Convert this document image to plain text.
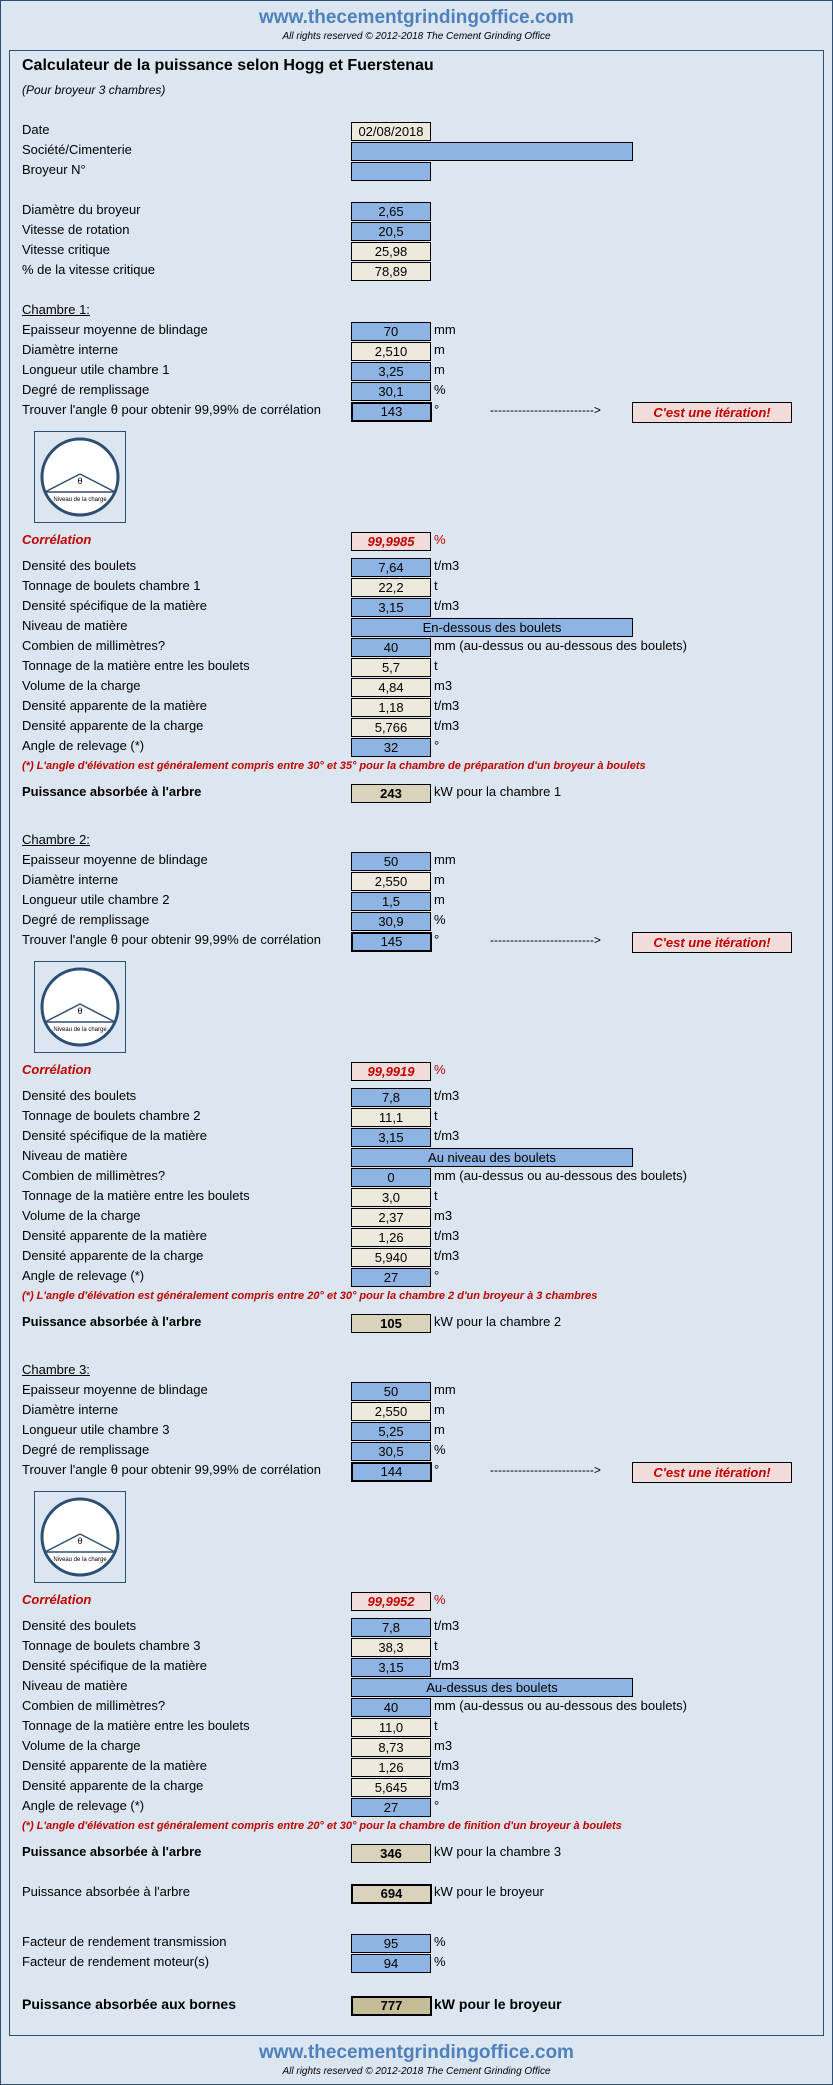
www.thecementgrindingoffice.com
All rights reserved © 2012-2018 The Cement Grinding Office
Calculateur de la puissance selon Hogg et Fuerstenau
(Pour broyeur 3 chambres)
Date	02/08/2018
Société/Cimenterie
Broyeur N°
Diamètre du broyeur	2,65
Vitesse de rotation	20,5
Vitesse critique	25,98
% de la vitesse critique	78,89
Chambre 1:
Epaisseur moyenne de blindage	70	mm
Diamètre interne	2,510	m
Longueur utile chambre 1	3,25	m
Degré de remplissage	30,1	%
Trouver l'angle θ pour obtenir 99,99% de corrélation	143	°	-------------------------->	C'est une itération!
θ
Niveau de la charge
Corrélation	99,9985	%
Densité des boulets	7,64	t/m3
Tonnage de boulets chambre 1	22,2	t
Densité spécifique de la matière	3,15	t/m3
Niveau de matière	En-dessous des boulets
Combien de millimètres?	40	mm (au-dessus ou au-dessous des boulets)
Tonnage de la matière entre les boulets	5,7	t
Volume de la charge	4,84	m3
Densité apparente de la matière	1,18	t/m3
Densité apparente de la charge	5,766	t/m3
Angle de relevage (*)	32	°
(*) L'angle d'élévation est généralement compris entre 30° et 35° pour la chambre de préparation d'un broyeur à boulets
Puissance absorbée à l'arbre	243	kW pour la chambre 1
Chambre 2:
Epaisseur moyenne de blindage	50	mm
Diamètre interne	2,550	m
Longueur utile chambre 2	1,5	m
Degré de remplissage	30,9	%
Trouver l'angle θ pour obtenir 99,99% de corrélation	145	°	-------------------------->	C'est une itération!
θ
Niveau de la charge
Corrélation	99,9919	%
Densité des boulets	7,8	t/m3
Tonnage de boulets chambre 2	11,1	t
Densité spécifique de la matière	3,15	t/m3
Niveau de matière	Au niveau des boulets
Combien de millimètres?	0	mm (au-dessus ou au-dessous des boulets)
Tonnage de la matière entre les boulets	3,0	t
Volume de la charge	2,37	m3
Densité apparente de la matière	1,26	t/m3
Densité apparente de la charge	5,940	t/m3
Angle de relevage (*)	27	°
(*) L'angle d'élévation est généralement compris entre 20° et 30° pour la chambre 2 d'un broyeur à 3 chambres
Puissance absorbée à l'arbre	105	kW pour la chambre 2
Chambre 3:
Epaisseur moyenne de blindage	50	mm
Diamètre interne	2,550	m
Longueur utile chambre 3	5,25	m
Degré de remplissage	30,5	%
Trouver l'angle θ pour obtenir 99,99% de corrélation	144	°	-------------------------->	C'est une itération!
θ
Niveau de la charge
Corrélation	99,9952	%
Densité des boulets	7,8	t/m3
Tonnage de boulets chambre 3	38,3	t
Densité spécifique de la matière	3,15	t/m3
Niveau de matière	Au-dessus des boulets
Combien de millimètres?	40	mm (au-dessus ou au-dessous des boulets)
Tonnage de la matière entre les boulets	11,0	t
Volume de la charge	8,73	m3
Densité apparente de la matière	1,26	t/m3
Densité apparente de la charge	5,645	t/m3
Angle de relevage (*)	27	°
(*) L'angle d'élévation est généralement compris entre 20° et 30° pour la chambre de finition d'un broyeur à boulets
Puissance absorbée à l'arbre	346	kW pour la chambre 3
Puissance absorbée à l'arbre	694	kW pour le broyeur
Facteur de rendement transmission	95	%
Facteur de rendement moteur(s)	94	%
Puissance absorbée aux bornes	777	kW pour le broyeur
www.thecementgrindingoffice.com
All rights reserved © 2012-2018 The Cement Grinding Office
